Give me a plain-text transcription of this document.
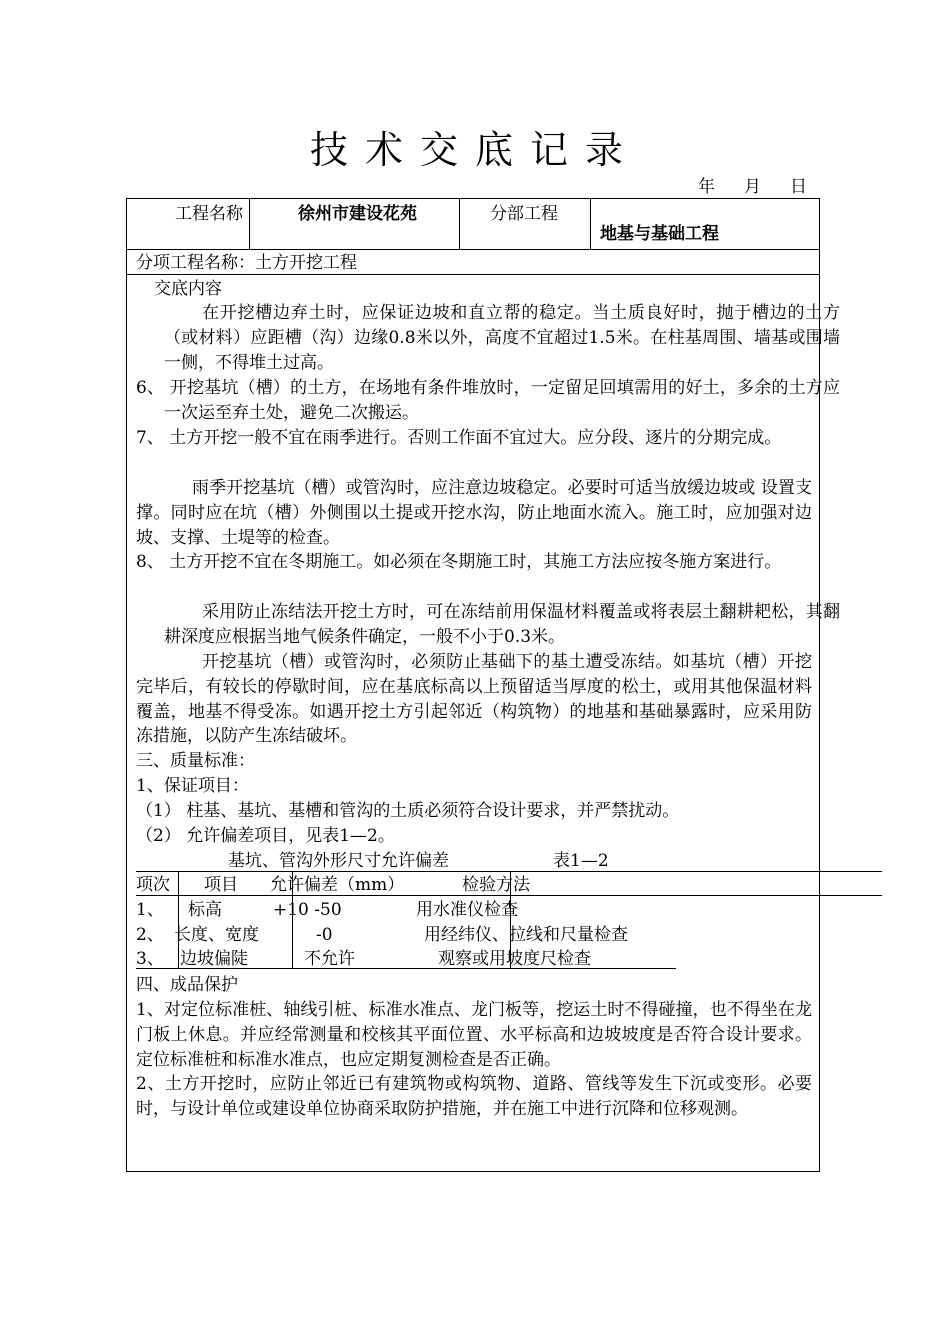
技术交底记录
年 月 日
工程名称	徐州市建设花苑	分部工程
地基与基础工程
分项工程名称：土方开挖工程
交底内容

在开挖槽边弃土时，应保证边坡和直立帮的稳定。当土质良好时，抛于槽边的土方（或材料）应距槽（沟）边缘0.8米以外，高度不宜超过1.5米。在柱基周围、墙基或围墙一侧，不得堆土过高。

6、 开挖基坑（槽）的土方，在场地有条件堆放时，一定留足回填需用的好土，多余的土方应一次运至弃土处，避免二次搬运。

7、 土方开挖一般不宜在雨季进行。否则工作面不宜过大。应分段、逐片的分期完成。

雨季开挖基坑（槽）或管沟时，应注意边坡稳定。必要时可适当放缓边坡或 设置支撑。同时应在坑（槽）外侧围以土提或开挖水沟，防止地面水流入。施工时，应加强对边坡、支撑、土堤等的检查。

8、 土方开挖不宜在冬期施工。如必须在冬期施工时，其施工方法应按冬施方案进行。

采用防止冻结法开挖土方时，可在冻结前用保温材料覆盖或将表层土翻耕耙松，其翻耕深度应根据当地气候条件确定，一般不小于0.3米。

开挖基坑（槽）或管沟时，必须防止基础下的基土遭受冻结。如基坑（槽）开挖完毕后，有较长的停歇时间，应在基底标高以上预留适当厚度的松土，或用其他保温材料覆盖，地基不得受冻。如遇开挖土方引起邻近（构筑物）的地基和基础暴露时，应采用防冻措施，以防产生冻结破坏。

三、质量标准：

1、保证项目：

（1） 柱基、基坑、基槽和管沟的土质必须符合设计要求，并严禁扰动。

（2） 允许偏差项目，见表1—2。

基坑、管沟外形尺寸允许偏差	表1—2
项次 项目 允许偏差（mm）	检验方法
1、 标高	+10 -50	用水准仪检查
2、 长度、宽度	-0	用经纬仪、拉线和尺量检查
3、 边坡偏陡	不允许	观察或用坡度尺检查

四、成品保护

1、对定位标准桩、轴线引桩、标准水准点、龙门板等，挖运土时不得碰撞，也不得坐在龙门板上休息。并应经常测量和校核其平面位置、水平标高和边坡坡度是否符合设计要求。定位标准桩和标准水准点，也应定期复测检查是否正确。

2、土方开挖时，应防止邻近已有建筑物或构筑物、道路、管线等发生下沉或变形。必要时，与设计单位或建设单位协商采取防护措施，并在施工中进行沉降和位移观测。
